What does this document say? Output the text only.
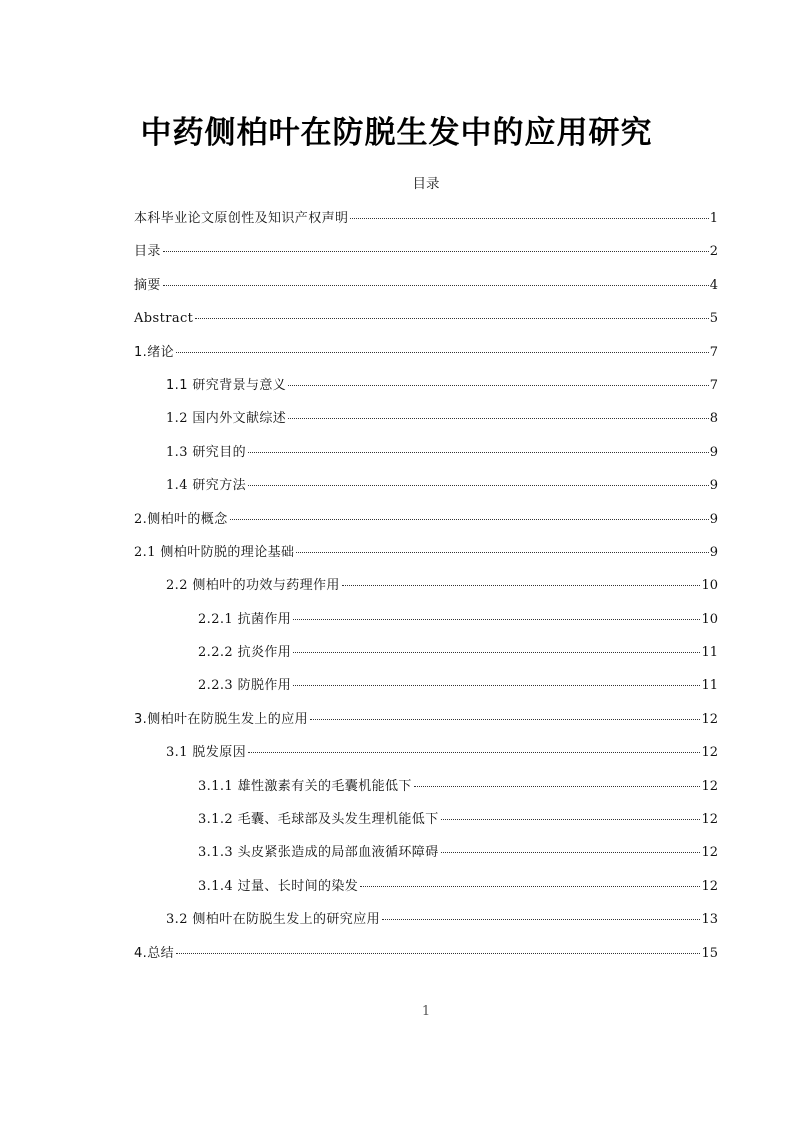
中药侧柏叶在防脱生发中的应用研究
目录
本科毕业论文原创性及知识产权声明	1
目录	2
摘要	4
Abstract	5
1.绪论	7
1.1 研究背景与意义	7
1.2 国内外文献综述	8
1.3 研究目的	9
1.4 研究方法	9
2.侧柏叶的概念	9
2.1 侧柏叶防脱的理论基础	9
2.2 侧柏叶的功效与药理作用	10
2.2.1 抗菌作用	10
2.2.2 抗炎作用	11
2.2.3 防脱作用	11
3.侧柏叶在防脱生发上的应用	12
3.1 脱发原因	12
3.1.1 雄性激素有关的毛囊机能低下	12
3.1.2 毛囊、毛球部及头发生理机能低下	12
3.1.3 头皮紧张造成的局部血液循环障碍	12
3.1.4 过量、长时间的染发	12
3.2 侧柏叶在防脱生发上的研究应用	13
4.总结	15
1
